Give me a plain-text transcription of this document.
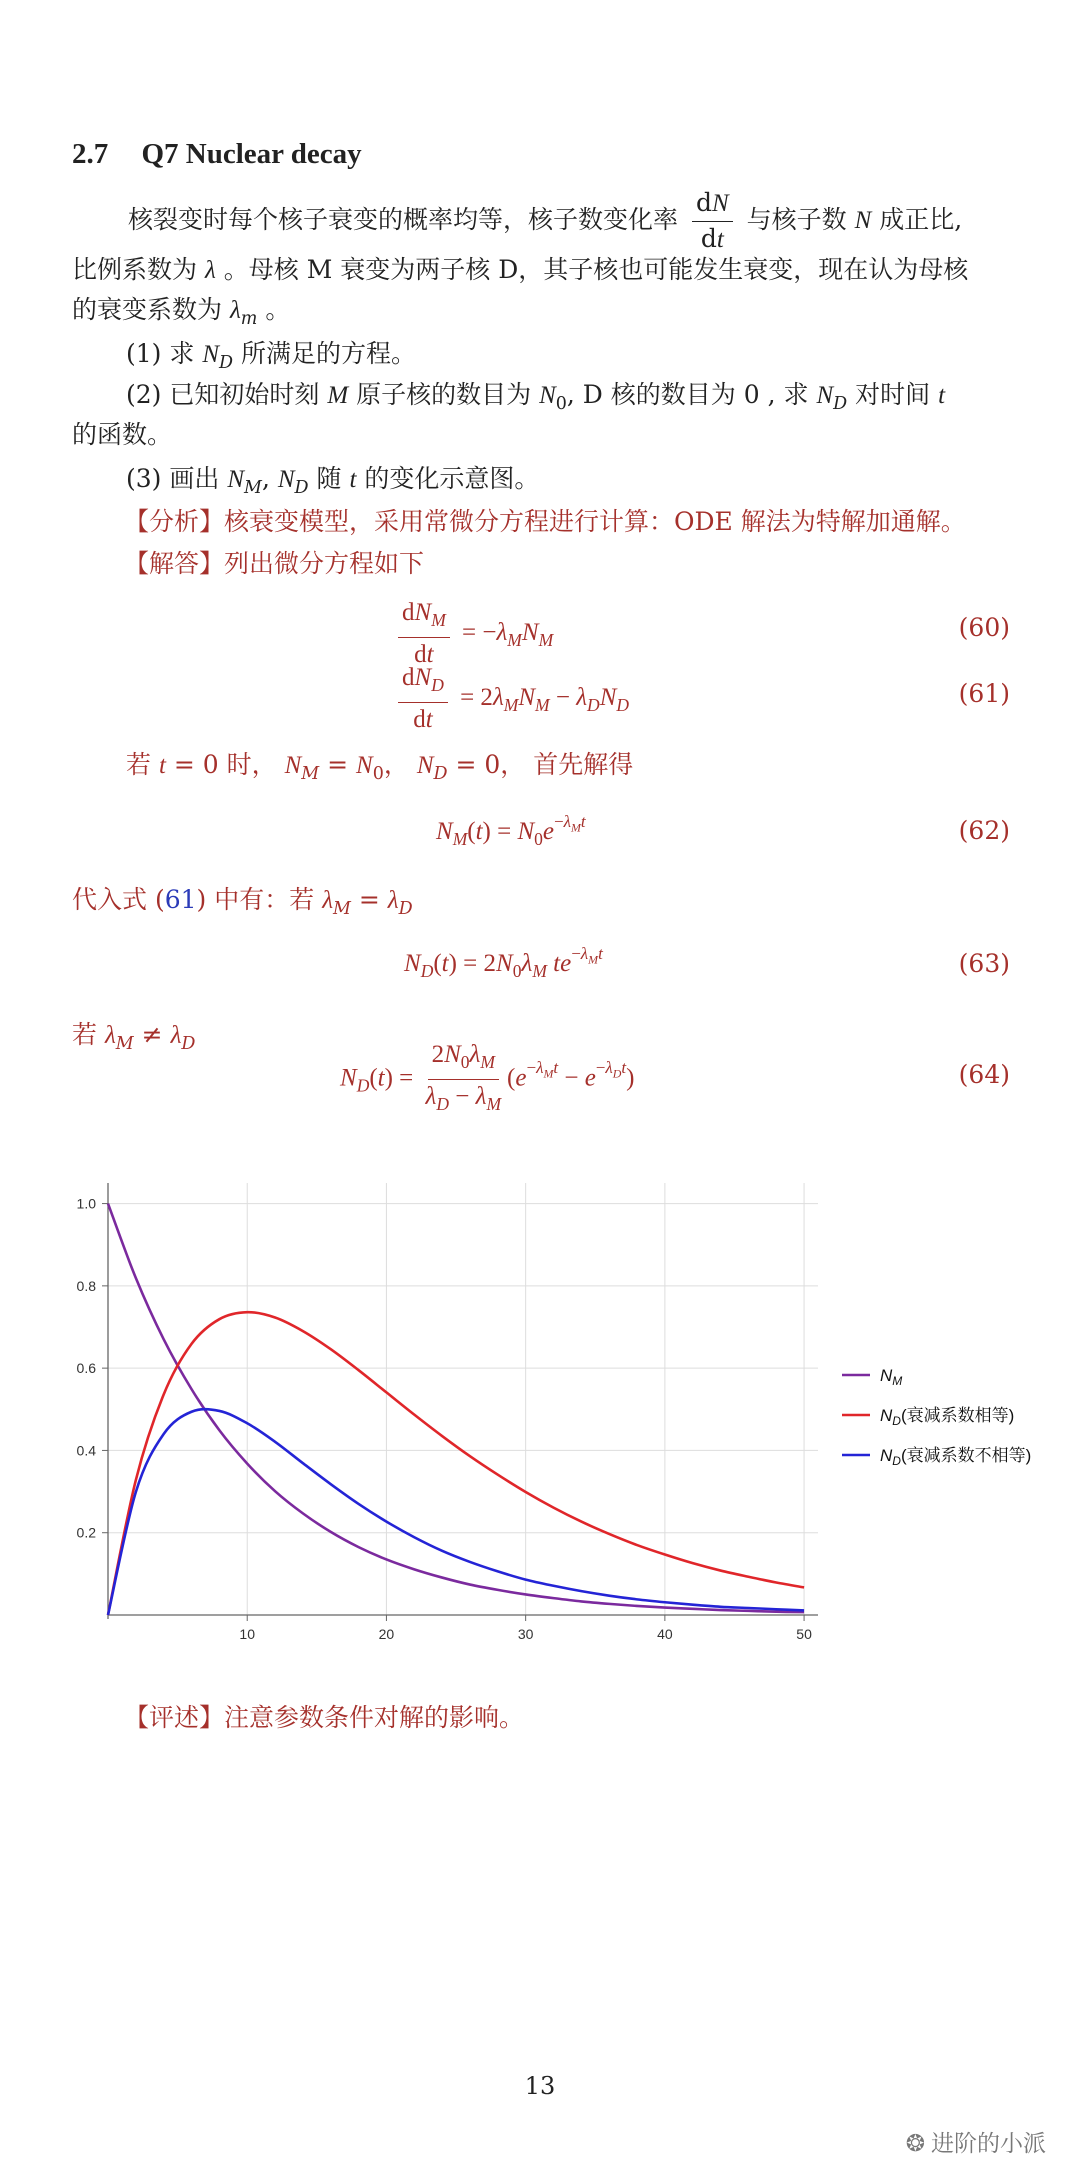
2.7 Q7 Nuclear decay
核裂变时每个核子衰变的概率均等，核子数变化率 $\frac{dN}{dt}$ 与核子数 N 成正比,
比例系数为 λ 。母核 M 衰变为两子核 D，其子核也可能发生衰变，现在认为母核
的衰变系数为 $\lambda_m$ 。
(1) 求 $N_D$ 所满足的方程。
(2) 已知初始时刻 M 原子核的数目为 $N_0$, D 核的数目为 0 , 求 $N_D$ 对时间 t
的函数。
(3) 画出 $N_M$, $N_D$ 随 t 的变化示意图。
【分析】核衰变模型，采用常微分方程进行计算：ODE 解法为特解加通解。
【解答】列出微分方程如下
$\frac{dN_M}{dt} = -\lambda_MN_M$	(60)
$\frac{dN_D}{dt} = 2\lambda_MN_M - \lambda_DN_D$	(61)
若 t = 0 时， $N_M = N_0$， $N_D = 0$， 首先解得
$N_M(t) = N_0e^{-\lambda_Mt}$	(62)
代入式 (61) 中有：若 $\lambda_M = \lambda_D$
$N_D(t) = 2N_0\lambda_M$ $te^{-\lambda_Mt}$	(63)
若 $\lambda_M \ne \lambda_D$
$N_D(t) = \frac{2N_0\lambda_M}{\lambda_D - \lambda_M} (e^{-\lambda_Mt} - e^{-\lambda_Dt})$	(64)
10	20	30	40	50
0.2
0.4
0.6
0.8
1.0
$N_M$
$N_D$(衰减系数相等)
$N_D$(衰减系数不相等)
【评述】注意参数条件对解的影响。
13
❂ 进阶的小派
